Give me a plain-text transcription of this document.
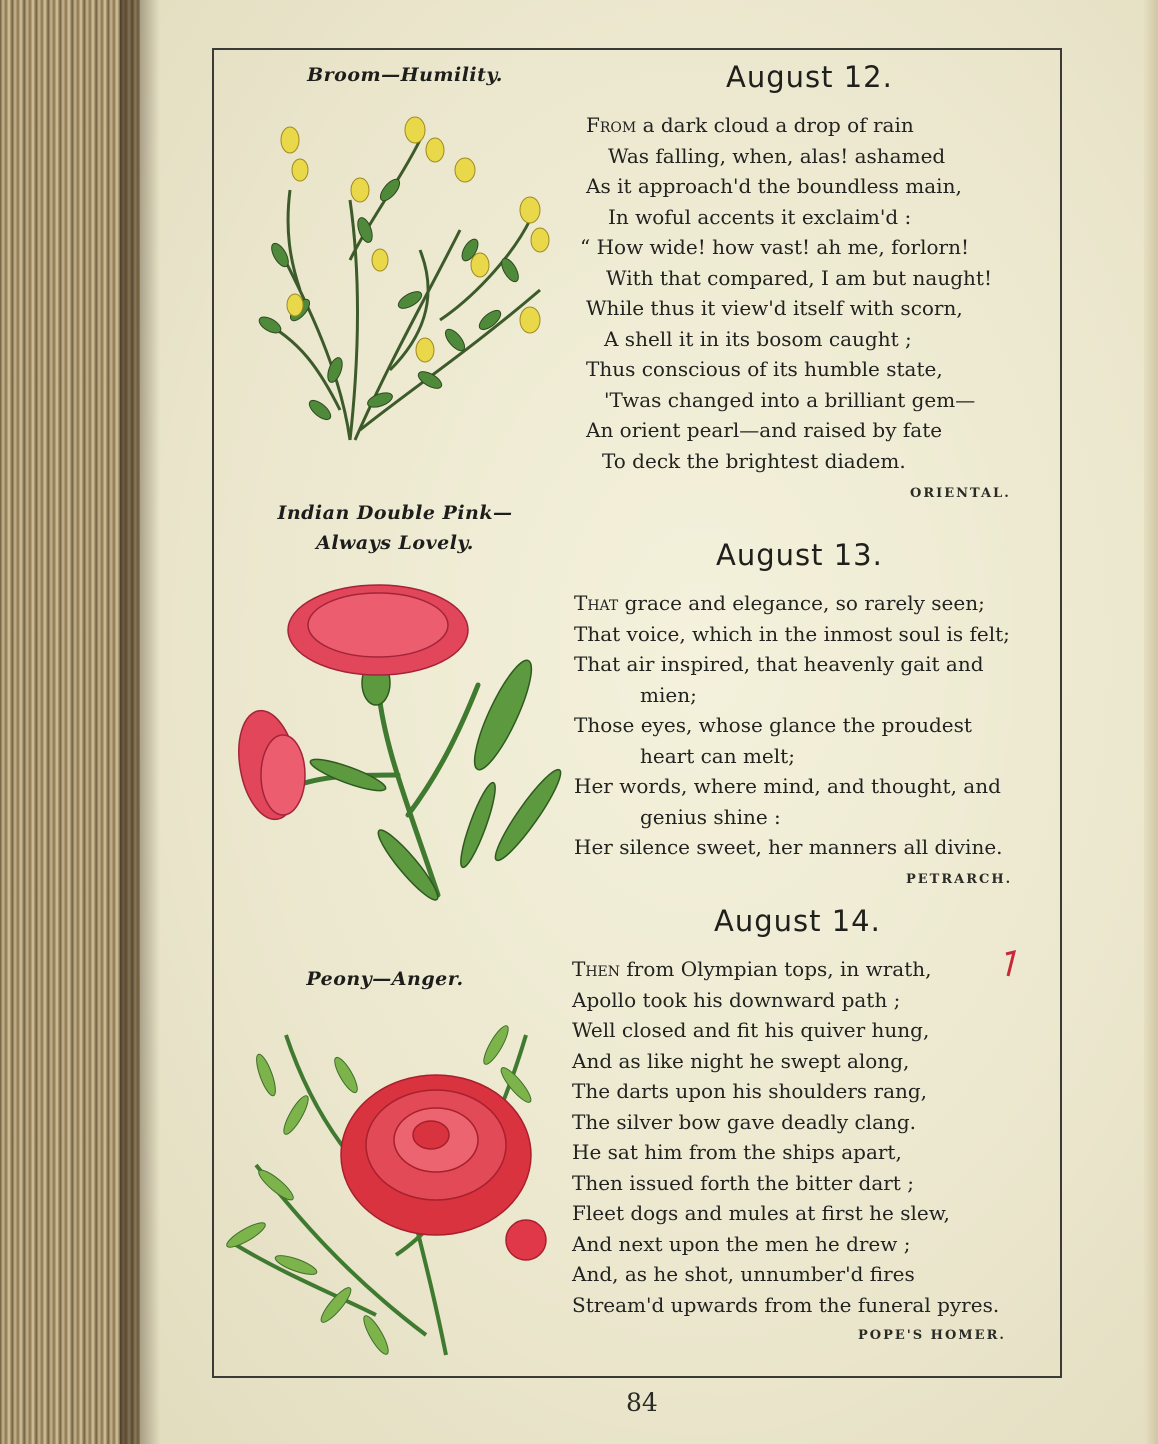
Broom—Humility.
Indian Double Pink—
Always Lovely.
Peony—Anger.
August 12.
From a dark cloud a drop of rain
Was falling, when, alas! ashamed
As it approach'd the boundless main,
In woful accents it exclaim'd :
“ How wide! how vast! ah me, forlorn!
With that compared, I am but naught!
While thus it view'd itself with scorn,
A shell it in its bosom caught ;
Thus conscious of its humble state,
'Twas changed into a brilliant gem—
An orient pearl—and raised by fate
To deck the brightest diadem.
ORIENTAL.
August 13.
That grace and elegance, so rarely seen;
That voice, which in the inmost soul is felt;
That air inspired, that heavenly gait and
mien;
Those eyes, whose glance the proudest
heart can melt;
Her words, where mind, and thought, and
genius shine :
Her silence sweet, her manners all divine.
PETRARCH.
August 14.
Then from Olympian tops, in wrath,
Apollo took his downward path ;
Well closed and fit his quiver hung,
And as like night he swept along,
The darts upon his shoulders rang,
The silver bow gave deadly clang.
He sat him from the ships apart,
Then issued forth the bitter dart ;
Fleet dogs and mules at first he slew,
And next upon the men he drew ;
And, as he shot, unnumber'd fires
Stream'd upwards from the funeral pyres.
POPE'S HOMER.
84
